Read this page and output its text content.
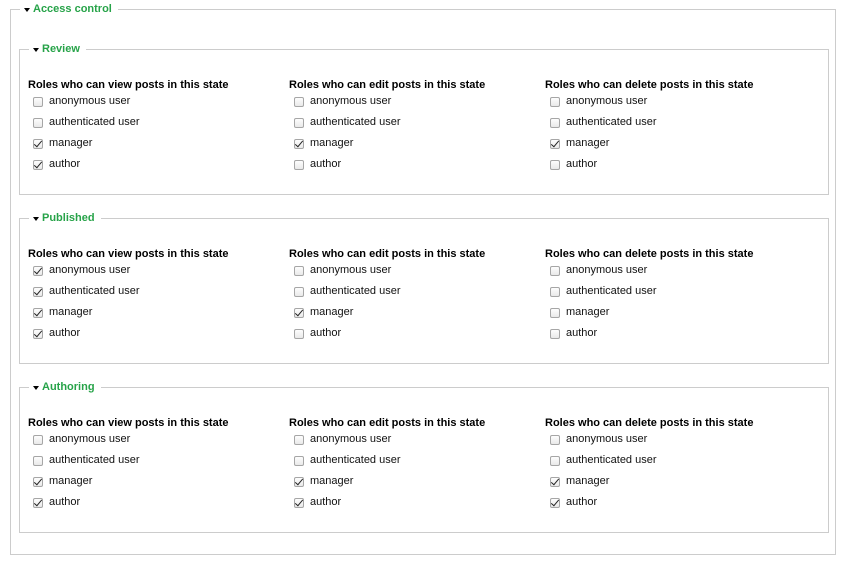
Access control
Review
Roles who can view posts in this state
anonymous user
authenticated user
manager
author
Roles who can edit posts in this state
anonymous user
authenticated user
manager
author
Roles who can delete posts in this state
anonymous user
authenticated user
manager
author
Published
Roles who can view posts in this state
anonymous user
authenticated user
manager
author
Roles who can edit posts in this state
anonymous user
authenticated user
manager
author
Roles who can delete posts in this state
anonymous user
authenticated user
manager
author
Authoring
Roles who can view posts in this state
anonymous user
authenticated user
manager
author
Roles who can edit posts in this state
anonymous user
authenticated user
manager
author
Roles who can delete posts in this state
anonymous user
authenticated user
manager
author
